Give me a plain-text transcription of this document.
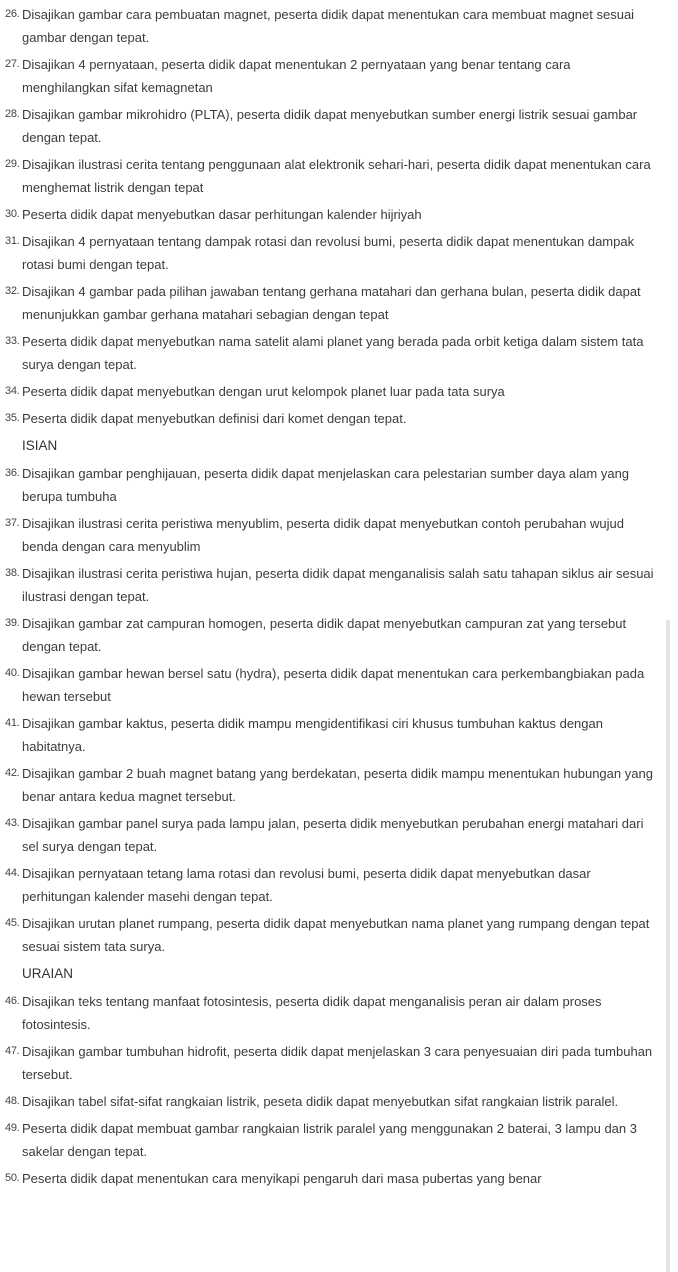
26. Disajikan gambar cara pembuatan magnet, peserta didik dapat menentukan cara membuat magnet sesuai gambar dengan tepat.
27. Disajikan 4 pernyataan, peserta didik dapat menentukan 2 pernyataan yang benar tentang cara menghilangkan sifat kemagnetan
28. Disajikan gambar mikrohidro (PLTA), peserta didik dapat menyebutkan sumber energi listrik sesuai gambar dengan tepat.
29. Disajikan ilustrasi cerita tentang penggunaan alat elektronik sehari-hari, peserta didik dapat menentukan cara menghemat listrik dengan tepat
30. Peserta didik dapat menyebutkan dasar perhitungan kalender hijriyah
31. Disajikan 4 pernyataan tentang dampak rotasi dan revolusi bumi, peserta didik dapat menentukan dampak rotasi bumi dengan tepat.
32. Disajikan 4 gambar pada pilihan jawaban tentang gerhana matahari dan gerhana bulan, peserta didik dapat menunjukkan gambar gerhana matahari sebagian dengan tepat
33. Peserta didik dapat menyebutkan nama satelit alami planet yang berada pada orbit ketiga dalam sistem tata surya dengan tepat.
34. Peserta didik dapat menyebutkan dengan urut kelompok planet luar pada tata surya
35. Peserta didik dapat menyebutkan definisi dari komet dengan tepat.
ISIAN
36. Disajikan gambar penghijauan, peserta didik dapat menjelaskan cara pelestarian sumber daya alam yang berupa tumbuha
37. Disajikan ilustrasi cerita peristiwa menyublim, peserta didik dapat menyebutkan contoh perubahan wujud benda dengan cara menyublim
38. Disajikan ilustrasi cerita peristiwa hujan, peserta didik dapat menganalisis salah satu tahapan siklus air sesuai ilustrasi dengan tepat.
39. Disajikan gambar zat campuran homogen, peserta didik dapat menyebutkan campuran zat yang tersebut dengan tepat.
40. Disajikan gambar hewan bersel satu (hydra), peserta didik dapat menentukan cara perkembangbiakan pada hewan tersebut
41. Disajikan gambar kaktus, peserta didik mampu mengidentifikasi ciri khusus tumbuhan kaktus dengan habitatnya.
42. Disajikan gambar 2 buah magnet batang yang berdekatan, peserta didik mampu menentukan hubungan yang benar antara kedua magnet tersebut.
43. Disajikan gambar panel surya pada lampu jalan, peserta didik menyebutkan perubahan energi matahari dari sel surya dengan tepat.
44. Disajikan pernyataan tetang lama rotasi dan revolusi bumi, peserta didik dapat menyebutkan dasar perhitungan kalender masehi dengan tepat.
45. Disajikan urutan planet rumpang, peserta didik dapat menyebutkan nama planet yang rumpang dengan tepat sesuai sistem tata surya.
URAIAN
46. Disajikan teks tentang manfaat fotosintesis, peserta didik dapat menganalisis peran air dalam proses fotosintesis.
47. Disajikan gambar tumbuhan hidrofit, peserta didik dapat menjelaskan 3 cara penyesuaian diri pada tumbuhan tersebut.
48. Disajikan tabel sifat-sifat rangkaian listrik, peseta didik dapat menyebutkan sifat rangkaian listrik paralel.
49. Peserta didik dapat membuat gambar rangkaian listrik paralel yang menggunakan 2 baterai, 3 lampu dan 3 sakelar dengan tepat.
50. Peserta didik dapat menentukan cara menyikapi pengaruh dari masa pubertas yang benar
